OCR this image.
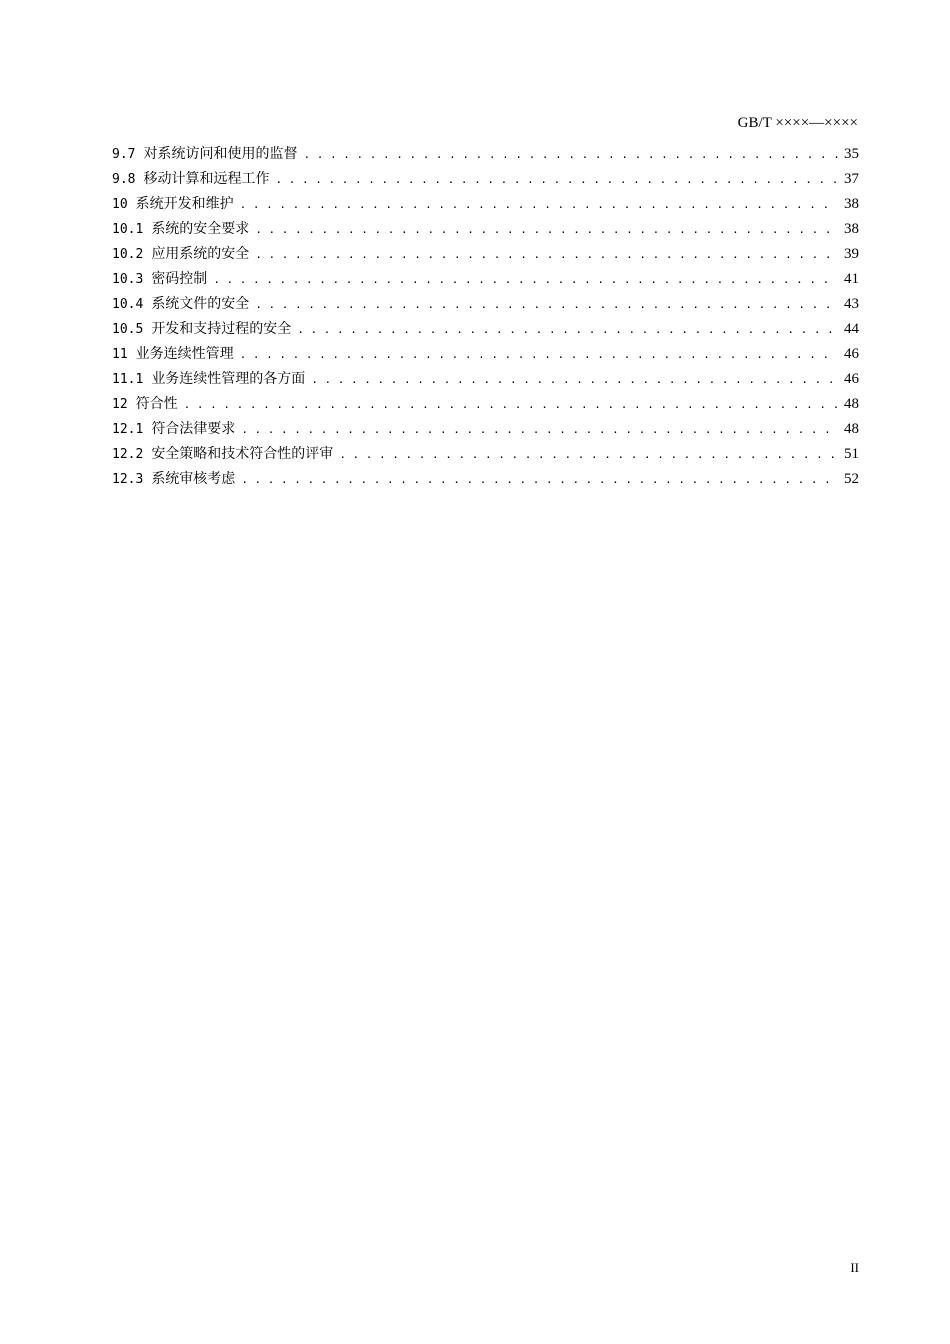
GB/T ××××—××××
9.7 对系统访问和使用的监督 . . .	35
9.8 移动计算和远程工作 . . .	37
10 系统开发和维护 . . .	38
10.1 系统的安全要求 . . .	38
10.2 应用系统的安全 . . .	39
10.3 密码控制 . . .	41
10.4 系统文件的安全 . . .	43
10.5 开发和支持过程的安全 . . .	44
11 业务连续性管理 . . .	46
11.1 业务连续性管理的各方面 . . .	46
12 符合性 . . .	48
12.1 符合法律要求 . . .	48
12.2 安全策略和技术符合性的评审 . . .	51
12.3 系统审核考虑 . . .	52
II
